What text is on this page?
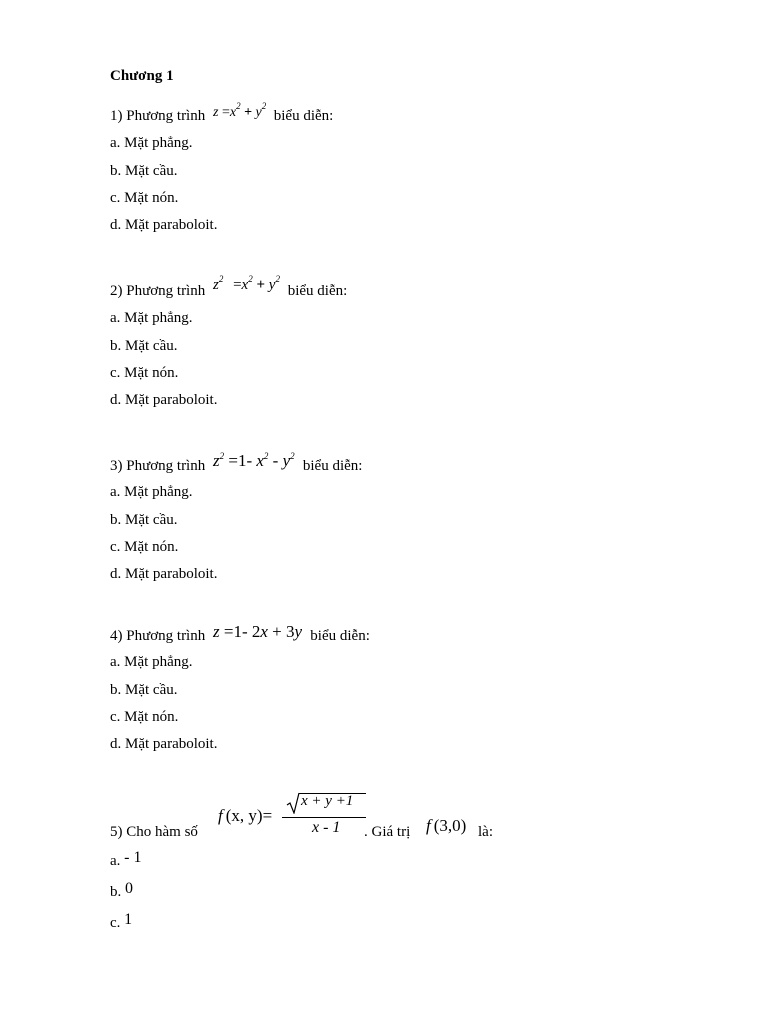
Chương 1
1) Phương trình $z =x^2 + y^2$ biểu diễn:
a. Mặt phẳng.
b. Mặt cầu.
c. Mặt nón.
d. Mặt paraboloit.
2) Phương trình $z^2 =x^2 + y^2$ biểu diễn:
a. Mặt phẳng.
b. Mặt cầu.
c. Mặt nón.
d. Mặt paraboloit.
3) Phương trình $z^2 =1-$ $x^2 - y^2$ biểu diễn:
a. Mặt phẳng.
b. Mặt cầu.
c. Mặt nón.
d. Mặt paraboloit.
4) Phương trình z =1- 2x + 3y biểu diễn:
a. Mặt phẳng.
b. Mặt cầu.
c. Mặt nón.
d. Mặt paraboloit.
5) Cho hàm số
f (x, y)=
x + y +1
x - 1 . Giá trị f (3,0) là:
a. - 1
b. 0
c. 1
